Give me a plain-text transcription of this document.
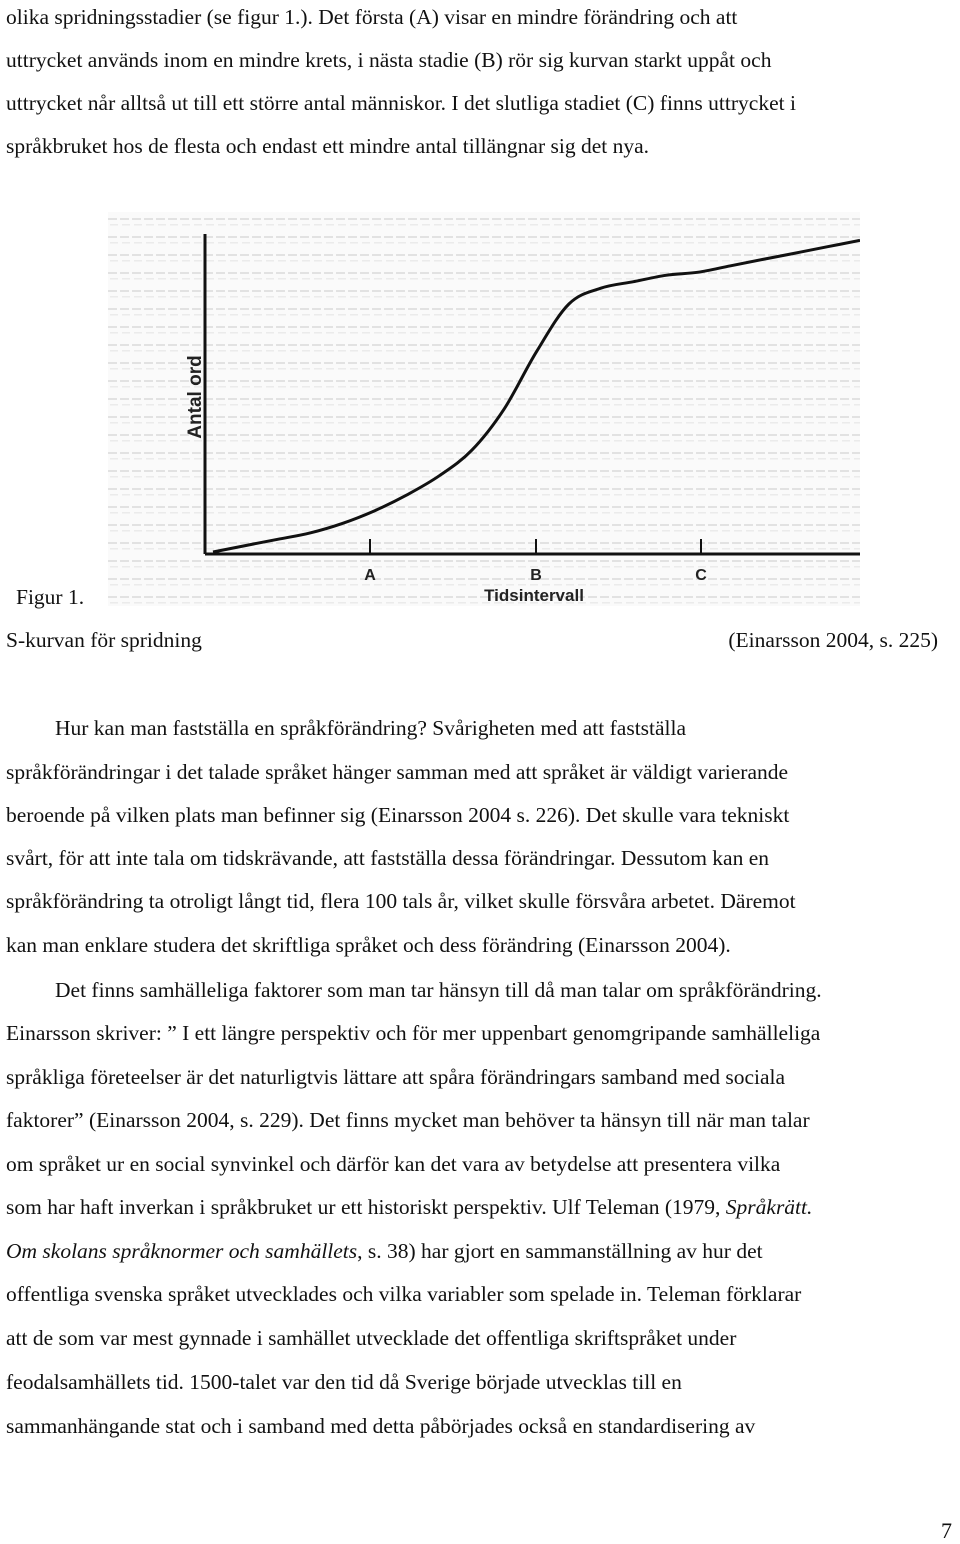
olika spridningsstadier (se figur 1.). Det första (A) visar en mindre förändring och att
uttrycket används inom en mindre krets, i nästa stadie (B) rör sig kurvan starkt uppåt och
uttrycket når alltså ut till ett större antal människor. I det slutliga stadiet (C) finns uttrycket i
språkbruket hos de flesta och endast ett mindre antal tillängnar sig det nya.
A	B	C
Antal ord
Tidsintervall
Figur 1.
S-kurvan för spridning	(Einarsson 2004, s. 225)
Hur kan man fastställa en språkförändring? Svårigheten med att fastställa
språkförändringar i det talade språket hänger samman med att språket är väldigt varierande
beroende på vilken plats man befinner sig (Einarsson 2004 s. 226). Det skulle vara tekniskt
svårt, för att inte tala om tidskrävande, att fastställa dessa förändringar. Dessutom kan en
språkförändring ta otroligt långt tid, flera 100 tals år, vilket skulle försvåra arbetet. Däremot
kan man enklare studera det skriftliga språket och dess förändring (Einarsson 2004).
Det finns samhälleliga faktorer som man tar hänsyn till då man talar om språkförändring.
Einarsson skriver: ” I ett längre perspektiv och för mer uppenbart genomgripande samhälleliga
språkliga företeelser är det naturligtvis lättare att spåra förändringars samband med sociala
faktorer” (Einarsson 2004, s. 229). Det finns mycket man behöver ta hänsyn till när man talar
om språket ur en social synvinkel och därför kan det vara av betydelse att presentera vilka
som har haft inverkan i språkbruket ur ett historiskt perspektiv. Ulf Teleman (1979, Språkrätt.
Om skolans språknormer och samhällets, s. 38) har gjort en sammanställning av hur det
offentliga svenska språket utvecklades och vilka variabler som spelade in. Teleman förklarar
att de som var mest gynnade i samhället utvecklade det offentliga skriftspråket under
feodalsamhällets tid. 1500-talet var den tid då Sverige började utvecklas till en
sammanhängande stat och i samband med detta påbörjades också en standardisering av
7
